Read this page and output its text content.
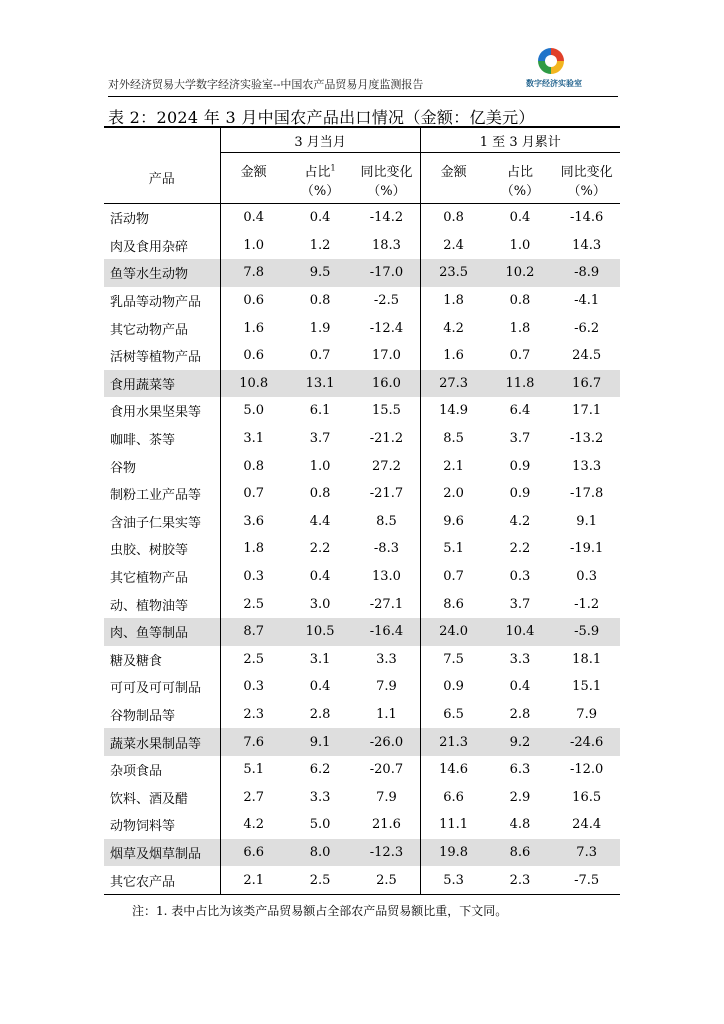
对外经济贸易大学数字经济实验室--中国农产品贸易月度监测报告	数字经济实验室
表 2：2024 年 3 月中国农产品出口情况（金额：亿美元）
	3 月当月			1 至 3 月累计		
产品	金额	占比$^1$	同比变化	金额	占比	同比变化
		（%）	（%）		（%）	（%）
活动物	0.4	0.4	-14.2	0.8	0.4	-14.6
肉及食用杂碎	1.0	1.2	18.3	2.4	1.0	14.3
鱼等水生动物	7.8	9.5	-17.0	23.5	10.2	-8.9
乳品等动物产品	0.6	0.8	-2.5	1.8	0.8	-4.1
其它动物产品	1.6	1.9	-12.4	4.2	1.8	-6.2
活树等植物产品	0.6	0.7	17.0	1.6	0.7	24.5
食用蔬菜等	10.8	13.1	16.0	27.3	11.8	16.7
食用水果坚果等	5.0	6.1	15.5	14.9	6.4	17.1
咖啡、茶等	3.1	3.7	-21.2	8.5	3.7	-13.2
谷物	0.8	1.0	27.2	2.1	0.9	13.3
制粉工业产品等	0.7	0.8	-21.7	2.0	0.9	-17.8
含油子仁果实等	3.6	4.4	8.5	9.6	4.2	9.1
虫胶、树胶等	1.8	2.2	-8.3	5.1	2.2	-19.1
其它植物产品	0.3	0.4	13.0	0.7	0.3	0.3
动、植物油等	2.5	3.0	-27.1	8.6	3.7	-1.2
肉、鱼等制品	8.7	10.5	-16.4	24.0	10.4	-5.9
糖及糖食	2.5	3.1	3.3	7.5	3.3	18.1
可可及可可制品	0.3	0.4	7.9	0.9	0.4	15.1
谷物制品等	2.3	2.8	1.1	6.5	2.8	7.9
蔬菜水果制品等	7.6	9.1	-26.0	21.3	9.2	-24.6
杂项食品	5.1	6.2	-20.7	14.6	6.3	-12.0
饮料、酒及醋	2.7	3.3	7.9	6.6	2.9	16.5
动物饲料等	4.2	5.0	21.6	11.1	4.8	24.4
烟草及烟草制品	6.6	8.0	-12.3	19.8	8.6	7.3
其它农产品	2.1	2.5	2.5	5.3	2.3	-7.5
注：1. 表中占比为该类产品贸易额占全部农产品贸易额比重，下文同。
